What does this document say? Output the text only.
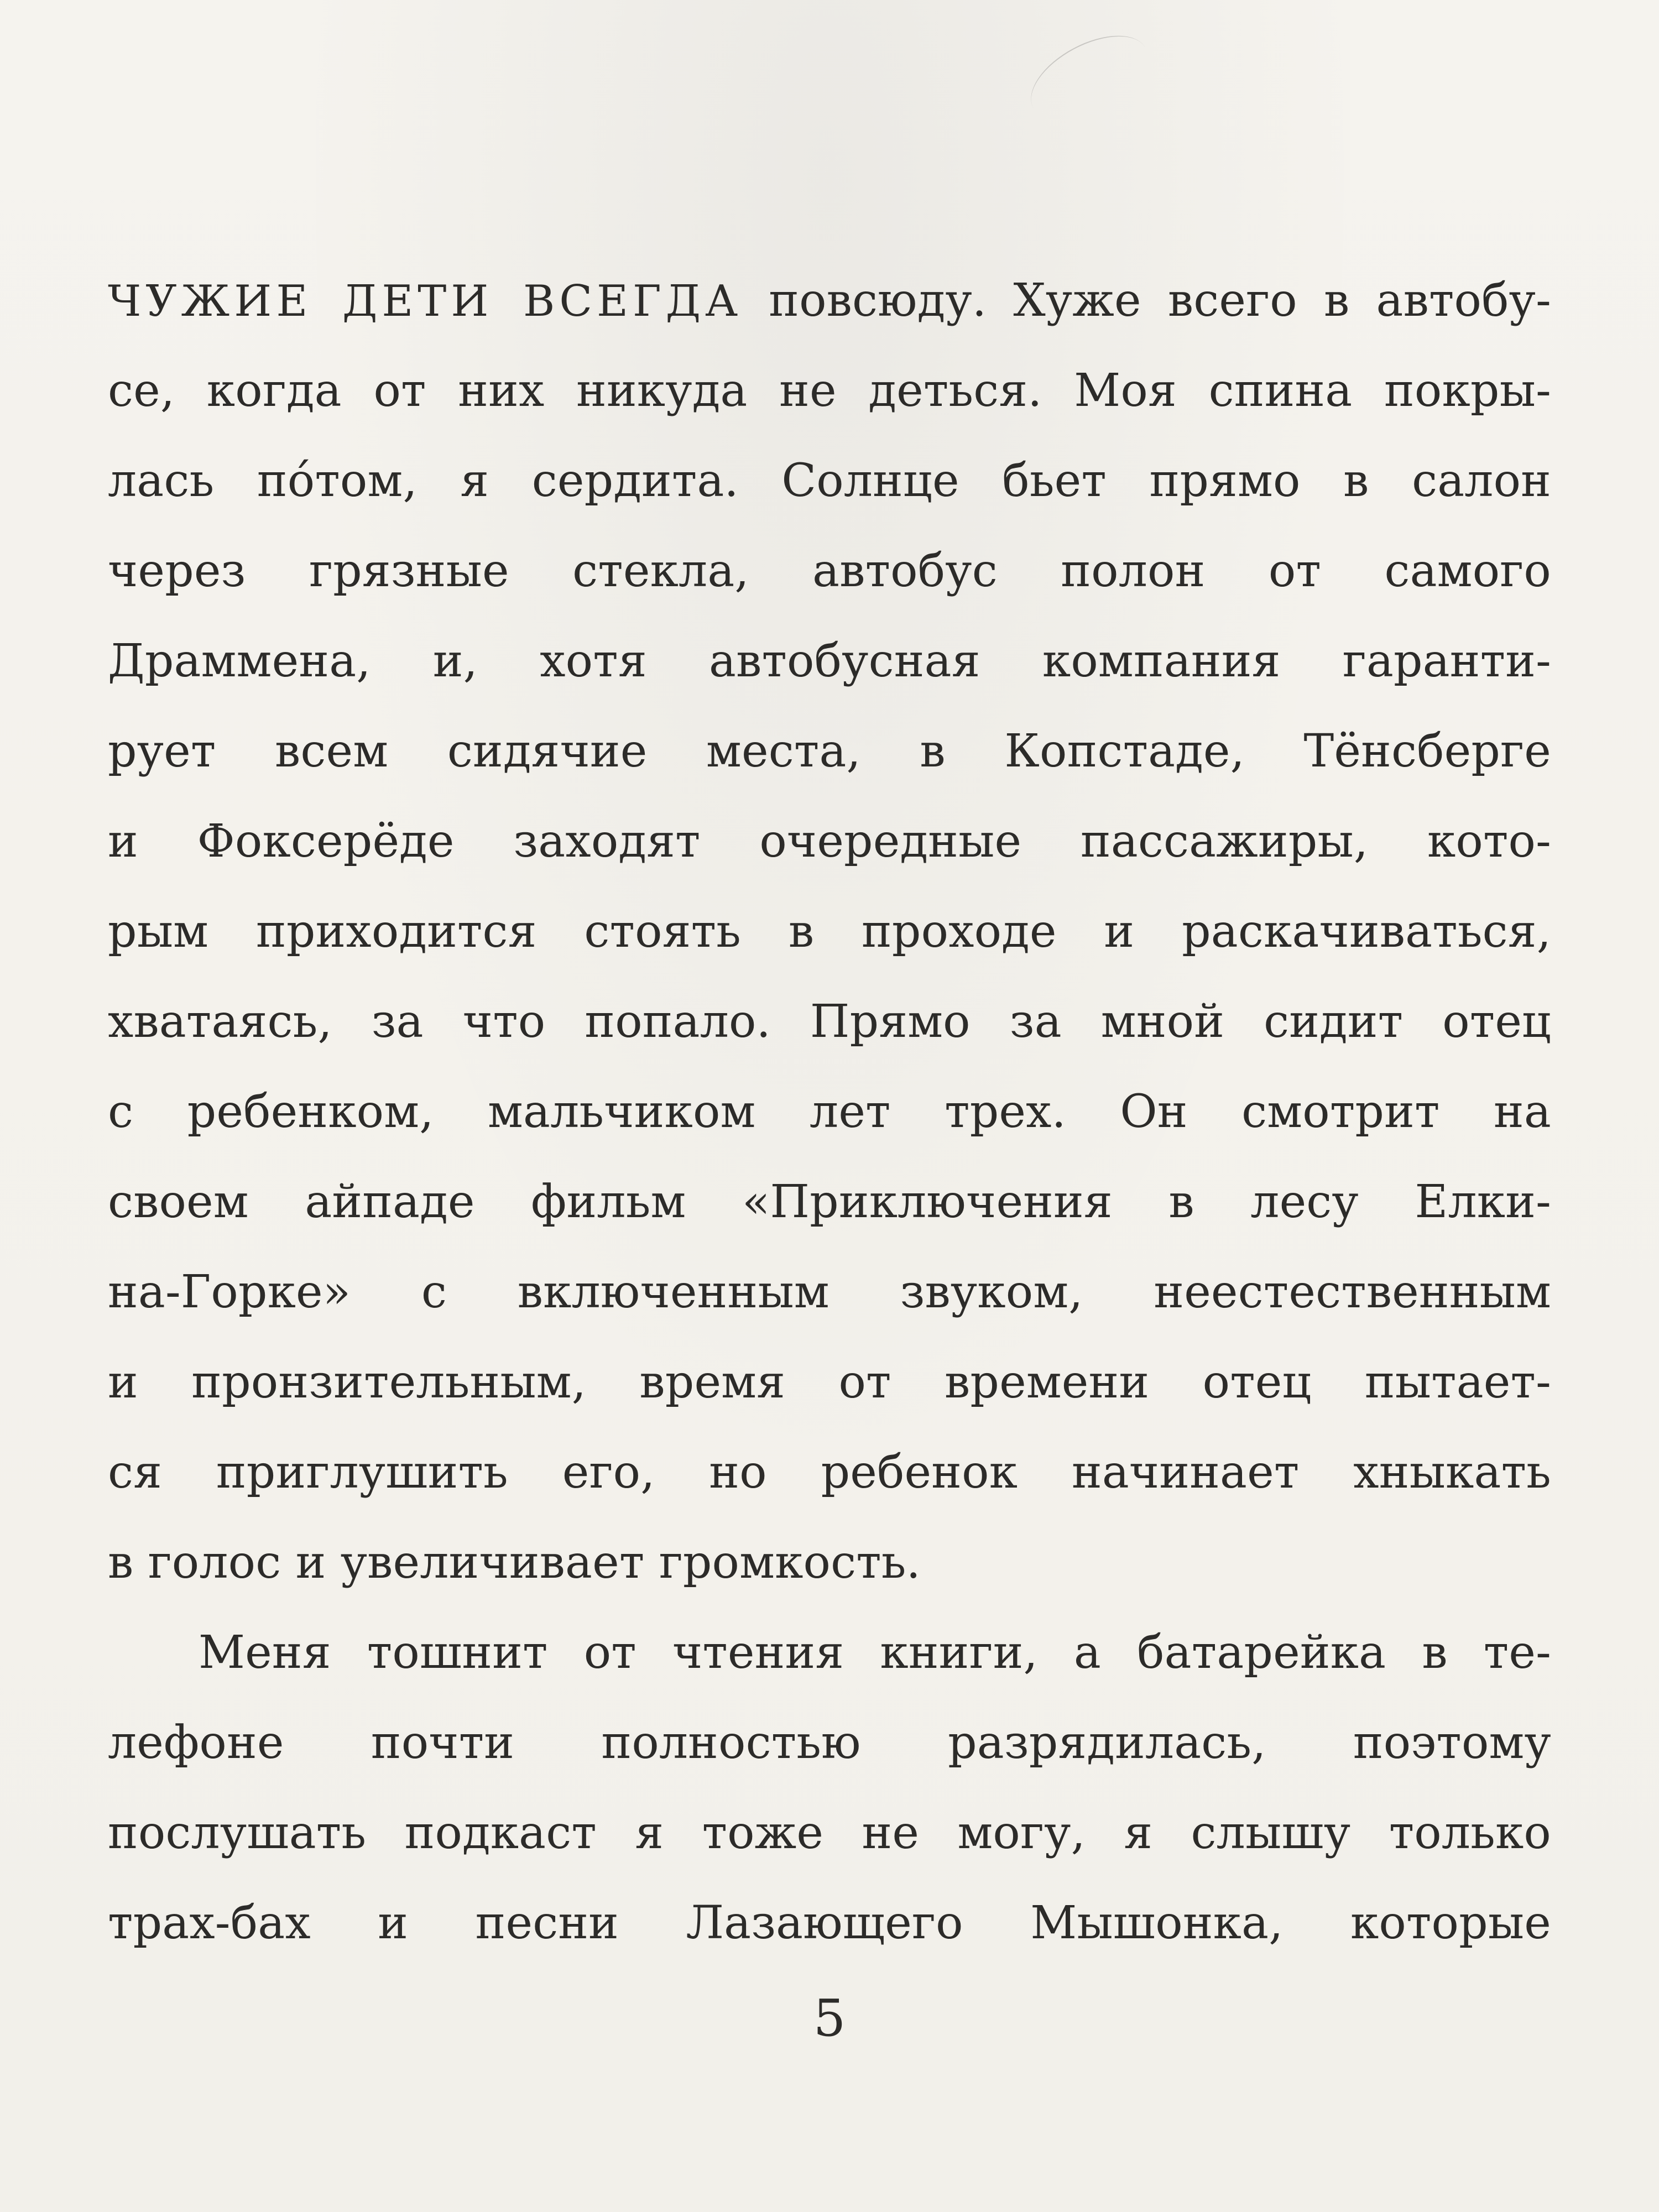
ЧУЖИЕ ДЕТИ ВСЕГДА повсюду. Хуже всего в автобу-
се, когда от них никуда не деться. Моя спина покры-
лась по́том, я сердита. Солнце бьет прямо в салон
через грязные стекла, автобус полон от самого
Драммена, и, хотя автобусная компания гаранти-
рует всем сидячие места, в Копстаде, Тёнсберге
и Фоксерёде заходят очередные пассажиры, кото-
рым приходится стоять в проходе и раскачиваться,
хватаясь, за что попало. Прямо за мной сидит отец
с ребенком, мальчиком лет трех. Он смотрит на
своем айпаде фильм «Приключения в лесу Елки-
на-Горке» с включенным звуком, неестественным
и пронзительным, время от времени отец пытает-
ся приглушить его, но ребенок начинает хныкать
в голос и увеличивает громкость.
Меня тошнит от чтения книги, а батарейка в те-
лефоне почти полностью разрядилась, поэтому
послушать подкаст я тоже не могу, я слышу только
трах-бах и песни Лазающего Мышонка, которые
5
